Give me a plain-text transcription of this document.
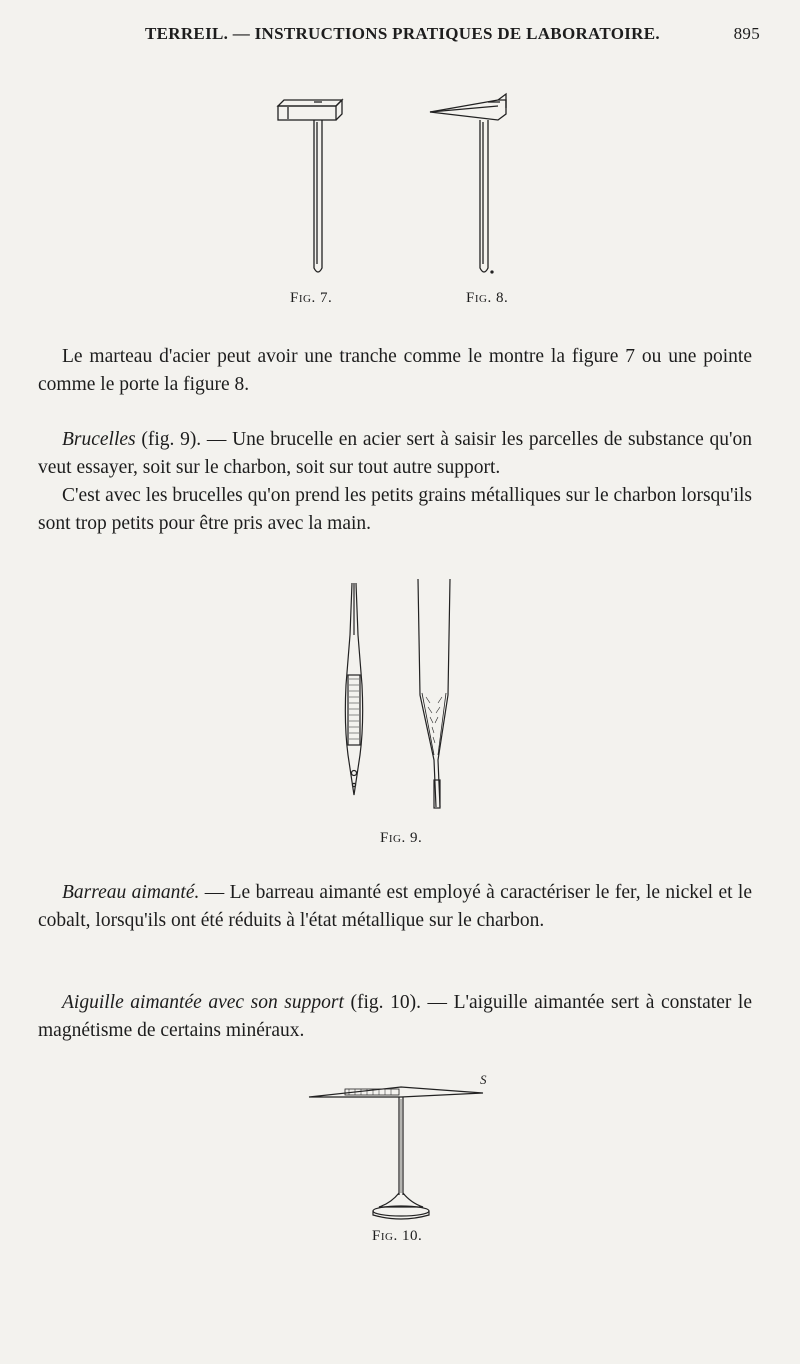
TERREIL. — INSTRUCTIONS PRATIQUES DE LABORATOIRE.	895
Fig. 7.	Fig. 8.

Le marteau d'acier peut avoir une tranche comme le montre la figure 7 ou une pointe comme le porte la figure 8.

Brucelles (fig. 9). — Une brucelle en acier sert à saisir les parcelles de substance qu'on veut essayer, soit sur le charbon, soit sur tout autre support.

C'est avec les brucelles qu'on prend les petits grains métalliques sur le charbon lorsqu'ils sont trop petits pour être pris avec la main.

Fig. 9.

Barreau aimanté. — Le barreau aimanté est employé à caractériser le fer, le nickel et le cobalt, lorsqu'ils ont été réduits à l'état métallique sur le charbon.

Aiguille aimantée avec son support (fig. 10). — L'aiguille aimantée sert à constater le magnétisme de certains minéraux.

S
Fig. 10.
